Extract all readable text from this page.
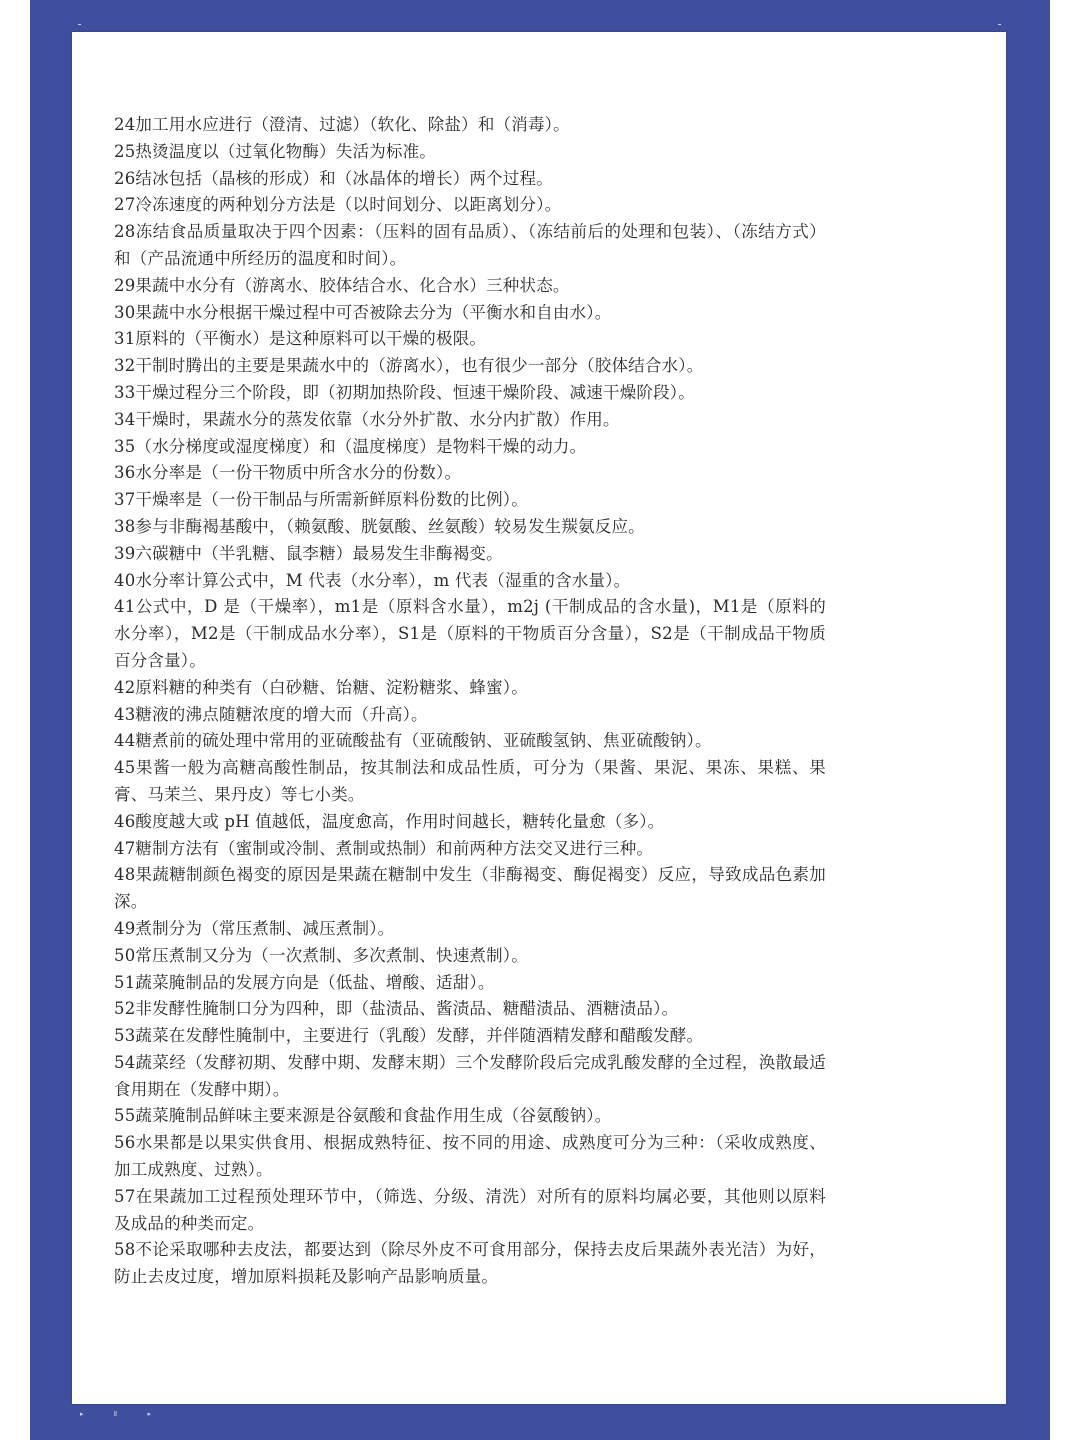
24加工用水应进行（澄清、过滤）（软化、除盐）和（消毒）。

25热烫温度以（过氧化物酶）失活为标准。

26结冰包括（晶核的形成）和（冰晶体的增长）两个过程。

27冷冻速度的两种划分方法是（以时间划分、以距离划分）。

28冻结食品质量取决于四个因素：（压料的固有品质）、（冻结前后的处理和包装）、（冻结方式）和（产品流通中所经历的温度和时间）。

29果蔬中水分有（游离水、胶体结合水、化合水）三种状态。

30果蔬中水分根据干燥过程中可否被除去分为（平衡水和自由水）。

31原料的（平衡水）是这种原料可以干燥的极限。

32干制时腾出的主要是果蔬水中的（游离水），也有很少一部分（胶体结合水）。

33干燥过程分三个阶段，即（初期加热阶段、恒速干燥阶段、减速干燥阶段）。

34干燥时，果蔬水分的蒸发依靠（水分外扩散、水分内扩散）作用。

35（水分梯度或湿度梯度）和（温度梯度）是物料干燥的动力。

36水分率是（一份干物质中所含水分的份数）。

37干燥率是（一份干制品与所需新鲜原料份数的比例）。

38参与非酶褐基酸中，（赖氨酸、胱氨酸、丝氨酸）较易发生羰氨反应。

39六碳糖中（半乳糖、鼠李糖）最易发生非酶褐变。

40水分率计算公式中，M 代表（水分率），m 代表（湿重的含水量）。

41公式中，D 是（干燥率），m1是（原料含水量），m2j (干制成品的含水量)，M1是（原料的水分率），M2是（干制成品水分率），S1是（原料的干物质百分含量），S2是（干制成品干物质百分含量）。

42原料糖的种类有（白砂糖、饴糖、淀粉糖浆、蜂蜜）。

43糖液的沸点随糖浓度的增大而（升高）。

44糖煮前的硫处理中常用的亚硫酸盐有（亚硫酸钠、亚硫酸氢钠、焦亚硫酸钠）。

45果酱一般为高糖高酸性制品，按其制法和成品性质，可分为（果酱、果泥、果冻、果糕、果膏、马茉兰、果丹皮）等七小类。

46酸度越大或 pH 值越低，温度愈高，作用时间越长，糖转化量愈（多）。

47糖制方法有（蜜制或冷制、煮制或热制）和前两种方法交叉进行三种。

48果蔬糖制颜色褐变的原因是果蔬在糖制中发生（非酶褐变、酶促褐变）反应，导致成品色素加深。

49煮制分为（常压煮制、减压煮制）。

50常压煮制又分为（一次煮制、多次煮制、快速煮制）。

51蔬菜腌制品的发展方向是（低盐、增酸、适甜）。

52非发酵性腌制口分为四种，即（盐渍品、酱渍品、糖醋渍品、酒糖渍品）。

53蔬菜在发酵性腌制中，主要进行（乳酸）发酵，并伴随酒精发酵和醋酸发酵。

54蔬菜经（发酵初期、发酵中期、发酵末期）三个发酵阶段后完成乳酸发酵的全过程，涣散最适食用期在（发酵中期）。

55蔬菜腌制品鲜味主要来源是谷氨酸和食盐作用生成（谷氨酸钠）。

56水果都是以果实供食用、根据成熟特征、按不同的用途、成熟度可分为三种：（采收成熟度、加工成熟度、过熟）。

57在果蔬加工过程预处理环节中，（筛选、分级、清洗）对所有的原料均属必要，其他则以原料及成品的种类而定。

58不论采取哪种去皮法，都要达到（除尽外皮不可食用部分，保持去皮后果蔬外表光洁）为好，防止去皮过度，增加原料损耗及影响产品影响质量。

▸	Ⅱ	▸
